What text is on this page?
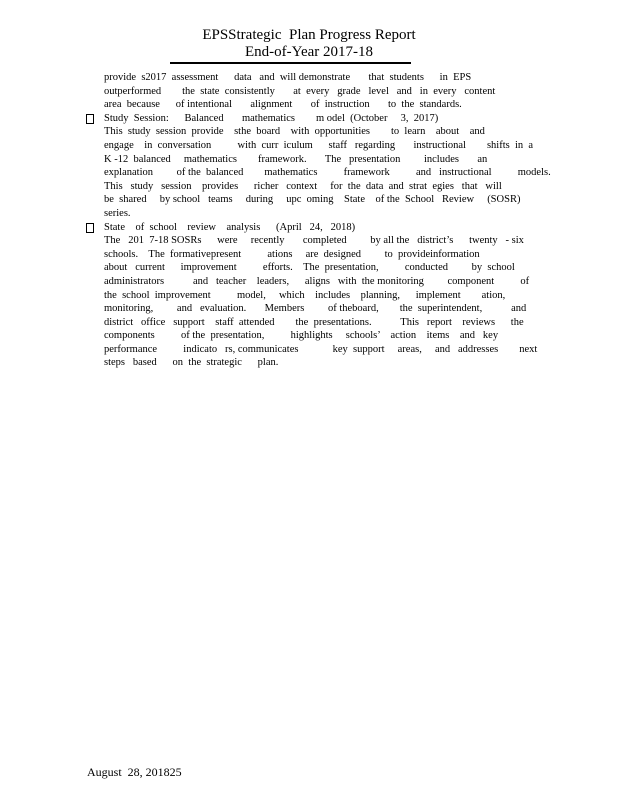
EPSStrategic  Plan Progress Report
End-of-Year 2017-18
provide  s2017  assessment      data   and  will demonstrate       that  students      in  EPS
outperformed        the  state  consistently       at  every   grade   level   and   in  every   content
area  because      of intentional       alignment       of  instruction       to  the  standards.
Study  Session:      Balanced       mathematics        m odel  (October     3,  2017)
This  study  session  provide    sthe  board    with  opportunities        to  learn    about    and
engage    in  conversation          with  curr  iculum      staff   regarding       instructional        shifts  in  a
K -12  balanced     mathematics        framework.       The   presentation         includes       an
explanation         of the  balanced        mathematics          framework          and   instructional          models.
This   study   session    provides      richer   context     for  the  data  and  strat  egies   that   will
be  shared     by school   teams     during     upc  oming    State    of the  School   Review     (SOSR)
series.
State    of  school    review    analysis      (April   24,   2018)
The   201  7-18 SOSRs      were     recently       completed         by all the   district’s      twenty   - six
schools.    The  formativepresent          ations     are  designed         to  provideinformation
about   current      improvement          efforts.    The  presentation,          conducted         by  school
administrators           and   teacher    leaders,      aligns   with  the monitoring         component          of
the  school  improvement          model,     which    includes    planning,      implement        ation,
monitoring,         and   evaluation.       Members         of theboard,        the  superintendent,           and
district   office   support    staff  attended        the  presentations.           This   report    reviews      the
components          of the  presentation,          highlights     schools’    action    items    and   key
performance          indicato   rs, communicates             key  support     areas,     and   addresses        next
steps   based      on  the  strategic      plan.
August  28, 201825
